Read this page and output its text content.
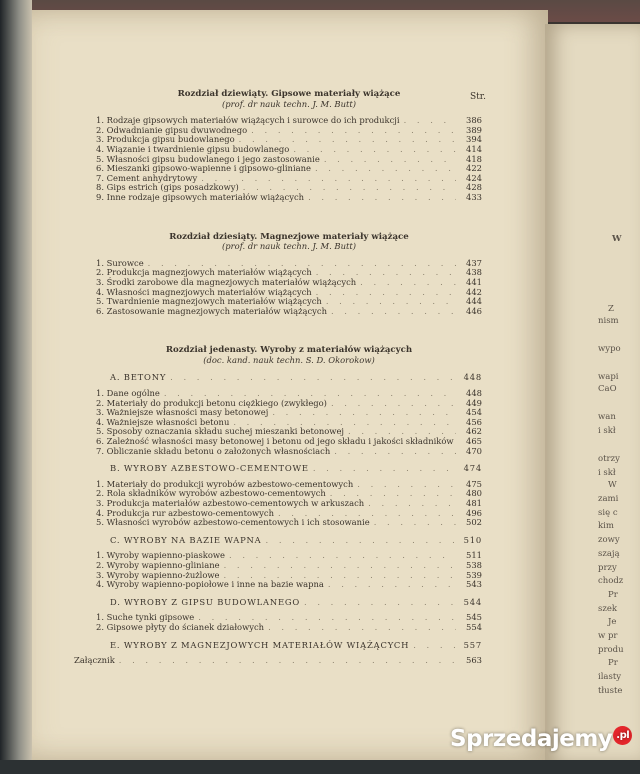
Str.
Rozdział dziewiąty. Gipsowe materiały wiążące
(prof. dr nauk techn. J. M. Butt)
1. Rodzaje gipsowych materiałów wiążących i surowce do ich produkcji . . .	386
2. Odwadnianie gipsu dwuwodnego . . .	389
3. Produkcja gipsu budowlanego . . .	394
4. Wiązanie i twardnienie gipsu budowlanego . . .	414
5. Własności gipsu budowlanego i jego zastosowanie . . .	418
6. Mieszanki gipsowo-wapienne i gipsowo-gliniane . . .	422
7. Cement anhydrytowy . . .	424
8. Gips estrich (gips posadzkowy) . . .	428
9. Inne rodzaje gipsowych materiałów wiążących . . .	433
Rozdział dziesiąty. Magnezjowe materiały wiążące
(prof. dr nauk techn. J. M. Butt)
1. Surowce . . .	437
2. Produkcja magnezjowych materiałów wiążących . . .	438
3. Środki zarobowe dla magnezjowych materiałów wiążących . . .	441
4. Własności magnezjowych materiałów wiążących . . .	442
5. Twardnienie magnezjowych materiałów wiążących . . .	444
6. Zastosowanie magnezjowych materiałów wiążących . . .	446
Rozdział jedenasty. Wyroby z materiałów wiążących
(doc. kand. nauk techn. S. D. Okorokow)
A. BETONY . . .	448
1. Dane ogólne . . .	448
2. Materiały do produkcji betonu ciężkiego (zwykłego) . . .	449
3. Ważniejsze własności masy betonowej . . .	454
4. Ważniejsze własności betonu . . .	456
5. Sposoby oznaczania składu suchej mieszanki betonowej . . .	462
6. Zależność własności masy betonowej i betonu od jego składu i jakości składników	465
7. Obliczanie składu betonu o założonych własnościach . . .	470
B. WYROBY AZBESTOWO-CEMENTOWE . . .	474
1. Materiały do produkcji wyrobów azbestowo-cementowych . . .	475
2. Rola składników wyrobów azbestowo-cementowych . . .	480
3. Produkcja materiałów azbestowo-cementowych w arkuszach . . .	481
4. Produkcja rur azbestowo-cementowych . . .	496
5. Własności wyrobów azbestowo-cementowych i ich stosowanie . . .	502
C. WYROBY NA BAZIE WAPNA . . .	510
1. Wyroby wapienno-piaskowe . . .	511
2. Wyroby wapienno-gliniane . . .	538
3. Wyroby wapienno-żużlowe . . .	539
4. Wyroby wapienno-popiołowe i inne na bazie wapna . . .	543
D. WYROBY Z GIPSU BUDOWLANEGO . . .	544
1. Suche tynki gipsowe . . .	545
2. Gipsowe płyty do ścianek działowych . . .	554
E. WYROBY Z MAGNEZJOWYCH MATERIAŁÓW WIĄŻĄCYCH . . .	557
Załącznik . . .	563
W
Z
nism
wypo
wapi
CaO
wan
i skł
otrzy
i skł
W
zami
się c
kim
zowy
szają
przy
chodz
Pr
szek
Je
w pr
produ
Pr
ilasty
tłuste
Sprzedajemy .pl
